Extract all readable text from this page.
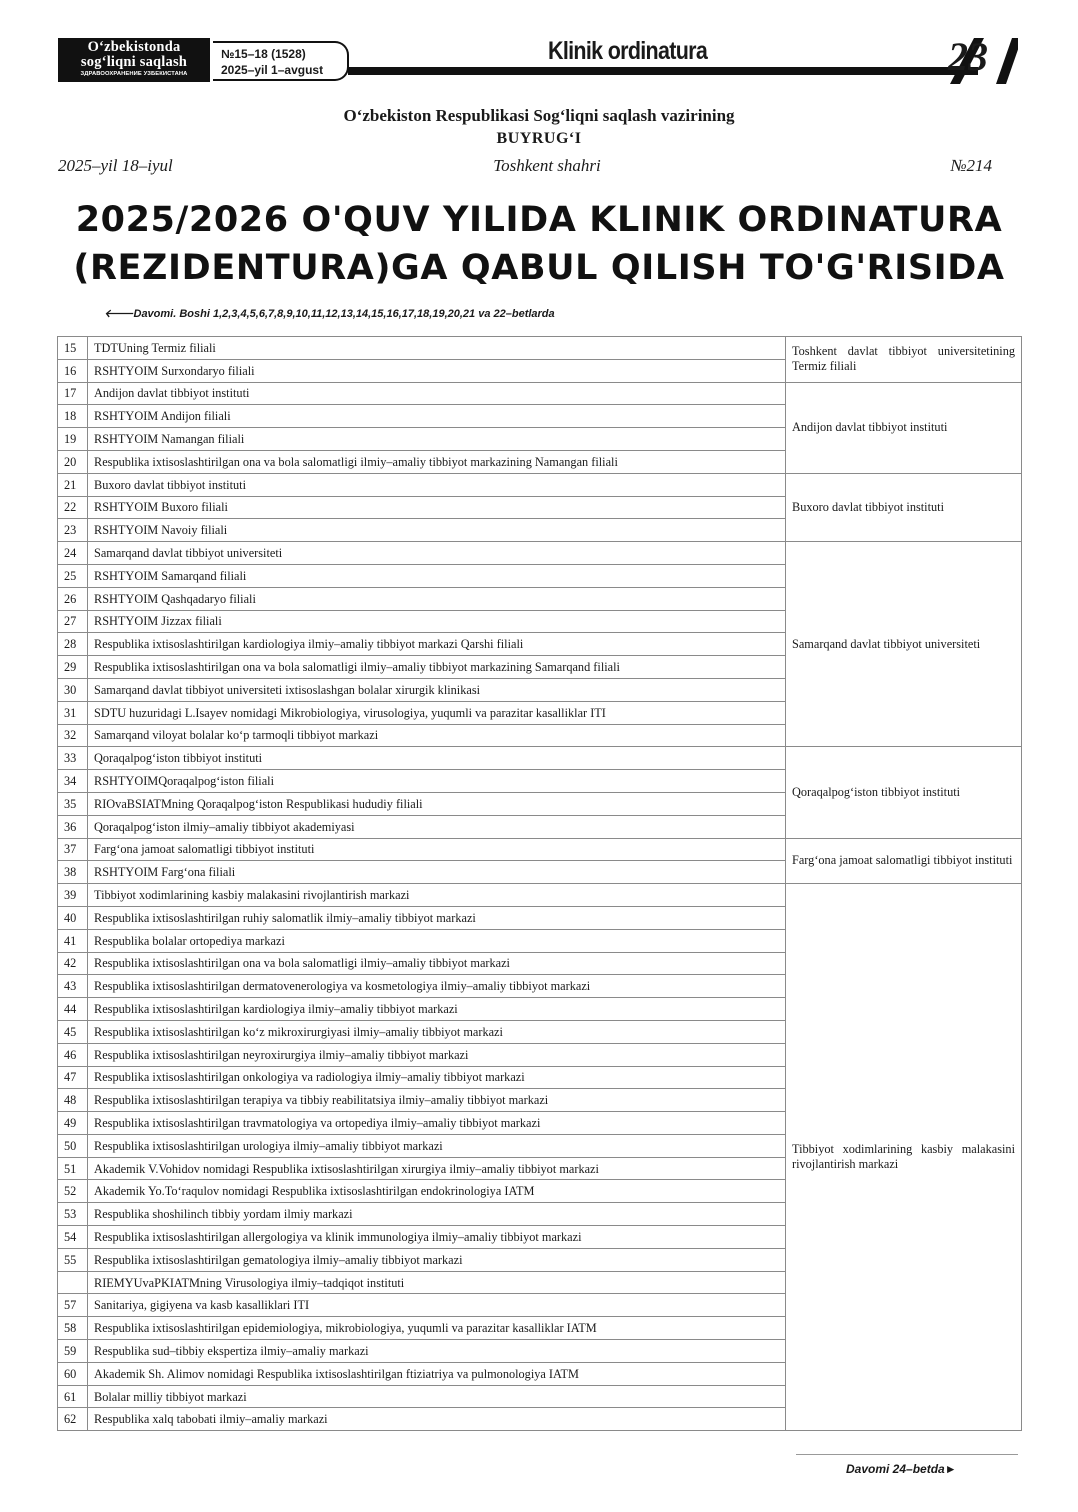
O‘zbekistonda
sog‘liqni saqlash
ЗДРАВООХРАНЕНИЕ УЗБЕКИСТАНА
№15–18 (1528)
2025–yil 1–avgust
Klinik ordinatura	23
O‘zbekiston Respublikasi Sog‘liqni saqlash vazirining
BUYRUG‘I
2025–yil 18–iyul	Toshkent shahri	№214
2025/2026 O'QUV YILIDA KLINIK ORDINATURA
(REZIDENTURA)GA QABUL QILISH TO'G'RISIDA
🡐Davomi. Boshi 1,2,3,4,5,6,7,8,9,10,11,12,13,14,15,16,17,18,19,20,21 va 22–betlarda
15	TDTUning Termiz filiali	Toshkent davlat tibbiyot universitetining Termiz filiali
16	RSHTYOIM Surxondaryo filiali	
17	Andijon davlat tibbiyot instituti	Andijon davlat tibbiyot instituti
18	RSHTYOIM Andijon filiali	
19	RSHTYOIM Namangan filiali	
20	Respublika ixtisoslashtirilgan ona va bola salomatligi ilmiy–amaliy tibbiyot markazining Namangan filiali	
21	Buxoro davlat tibbiyot instituti	Buxoro davlat tibbiyot instituti
22	RSHTYOIM Buxoro filiali	
23	RSHTYOIM Navoiy filiali	
24	Samarqand davlat tibbiyot universiteti	Samarqand davlat tibbiyot universiteti
25	RSHTYOIM Samarqand filiali	
26	RSHTYOIM Qashqadaryo filiali	
27	RSHTYOIM Jizzax filiali	
28	Respublika ixtisoslashtirilgan kardiologiya ilmiy–amaliy tibbiyot markazi Qarshi filiali	
29	Respublika ixtisoslashtirilgan ona va bola salomatligi ilmiy–amaliy tibbiyot markazining Samarqand filiali	
30	Samarqand davlat tibbiyot universiteti ixtisoslashgan bolalar xirurgik klinikasi	
31	SDTU huzuridagi L.Isayev nomidagi Mikrobiologiya, virusologiya, yuqumli va parazitar kasalliklar ITI	
32	Samarqand viloyat bolalar ko‘p tarmoqli tibbiyot markazi	
33	Qoraqalpog‘iston tibbiyot instituti	Qoraqalpog‘iston tibbiyot instituti
34	RSHTYOIMQoraqalpog‘iston filiali	
35	RIOvaBSIATMning Qoraqalpog‘iston Respublikasi hududiy filiali	
36	Qoraqalpog‘iston ilmiy–amaliy tibbiyot akademiyasi	
37	Farg‘ona jamoat salomatligi tibbiyot instituti	Farg‘ona jamoat salomatligi tibbiyot instituti
38	RSHTYOIM Farg‘ona filiali	
39	Tibbiyot xodimlarining kasbiy malakasini rivojlantirish markazi	Tibbiyot xodimlarining kasbiy malakasini rivojlantirish markazi
40	Respublika ixtisoslashtirilgan ruhiy salomatlik ilmiy–amaliy tibbiyot markazi	
41	Respublika bolalar ortopediya markazi	
42	Respublika ixtisoslashtirilgan ona va bola salomatligi ilmiy–amaliy tibbiyot markazi	
43	Respublika ixtisoslashtirilgan dermatovenerologiya va kosmetologiya ilmiy–amaliy tibbiyot markazi	
44	Respublika ixtisoslashtirilgan kardiologiya ilmiy–amaliy tibbiyot markazi	
45	Respublika ixtisoslashtirilgan ko‘z mikroxirurgiyasi ilmiy–amaliy tibbiyot markazi	
46	Respublika ixtisoslashtirilgan neyroxirurgiya ilmiy–amaliy tibbiyot markazi	
47	Respublika ixtisoslashtirilgan onkologiya va radiologiya ilmiy–amaliy tibbiyot markazi	
48	Respublika ixtisoslashtirilgan terapiya va tibbiy reabilitatsiya ilmiy–amaliy tibbiyot markazi	
49	Respublika ixtisoslashtirilgan travmatologiya va ortopediya ilmiy–amaliy tibbiyot markazi	
50	Respublika ixtisoslashtirilgan urologiya ilmiy–amaliy tibbiyot markazi	
51	Akademik V.Vohidov nomidagi Respublika ixtisoslashtirilgan xirurgiya ilmiy–amaliy tibbiyot markazi	
52	Akademik Yo.To‘raqulov nomidagi Respublika ixtisoslashtirilgan endokrinologiya IATM	
53	Respublika shoshilinch tibbiy yordam ilmiy markazi	
54	Respublika ixtisoslashtirilgan allergologiya va klinik immunologiya ilmiy–amaliy tibbiyot markazi	
55	Respublika ixtisoslashtirilgan gematologiya ilmiy–amaliy tibbiyot markazi	
	RIEMYUvaPKIATMning Virusologiya ilmiy–tadqiqot instituti	
57	Sanitariya, gigiyena va kasb kasalliklari ITI	
58	Respublika ixtisoslashtirilgan epidemiologiya, mikrobiologiya, yuqumli va parazitar kasalliklar IATM	
59	Respublika sud–tibbiy ekspertiza ilmiy–amaliy markazi	
60	Akademik Sh. Alimov nomidagi Respublika ixtisoslashtirilgan ftiziatriya va pulmonologiya IATM	
61	Bolalar milliy tibbiyot markazi	
62	Respublika xalq tabobati ilmiy–amaliy markazi	
Davomi 24–betda►
